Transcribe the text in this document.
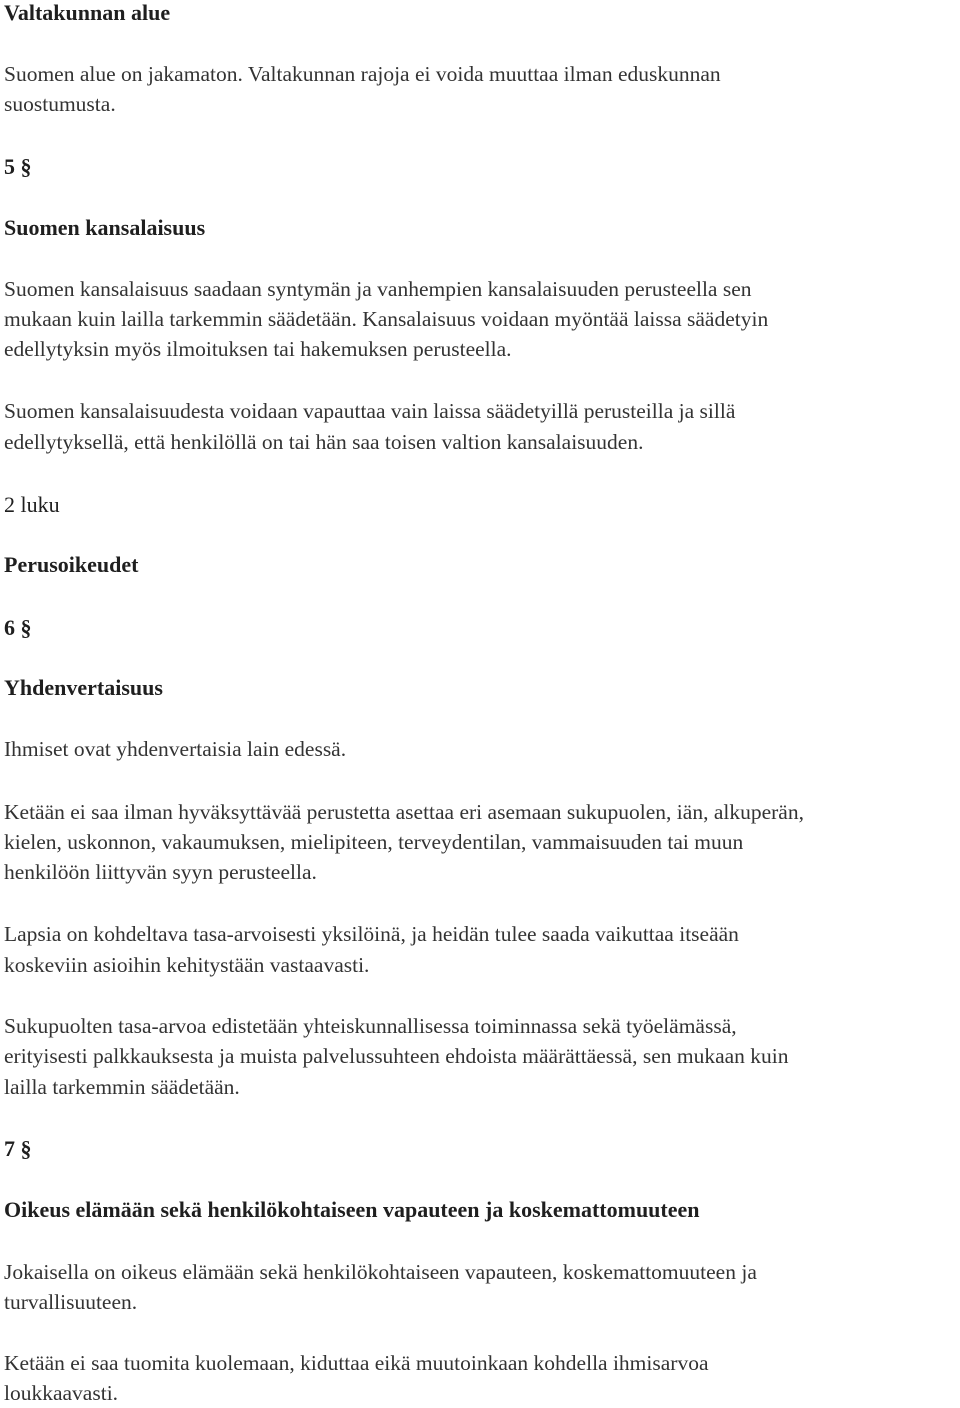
Valtakunnan alue
Suomen alue on jakamaton. Valtakunnan rajoja ei voida muuttaa ilman eduskunnan
suostumusta.
5 §
Suomen kansalaisuus
Suomen kansalaisuus saadaan syntymän ja vanhempien kansalaisuuden perusteella sen
mukaan kuin lailla tarkemmin säädetään. Kansalaisuus voidaan myöntää laissa säädetyin
edellytyksin myös ilmoituksen tai hakemuksen perusteella.
Suomen kansalaisuudesta voidaan vapauttaa vain laissa säädetyillä perusteilla ja sillä
edellytyksellä, että henkilöllä on tai hän saa toisen valtion kansalaisuuden.
2 luku
Perusoikeudet
6 §
Yhdenvertaisuus
Ihmiset ovat yhdenvertaisia lain edessä.
Ketään ei saa ilman hyväksyttävää perustetta asettaa eri asemaan sukupuolen, iän, alkuperän,
kielen, uskonnon, vakaumuksen, mielipiteen, terveydentilan, vammaisuuden tai muun
henkilöön liittyvän syyn perusteella.
Lapsia on kohdeltava tasa-arvoisesti yksilöinä, ja heidän tulee saada vaikuttaa itseään
koskeviin asioihin kehitystään vastaavasti.
Sukupuolten tasa-arvoa edistetään yhteiskunnallisessa toiminnassa sekä työelämässä,
erityisesti palkkauksesta ja muista palvelussuhteen ehdoista määrättäessä, sen mukaan kuin
lailla tarkemmin säädetään.
7 §
Oikeus elämään sekä henkilökohtaiseen vapauteen ja koskemattomuuteen
Jokaisella on oikeus elämään sekä henkilökohtaiseen vapauteen, koskemattomuuteen ja
turvallisuuteen.
Ketään ei saa tuomita kuolemaan, kiduttaa eikä muutoinkaan kohdella ihmisarvoa
loukkaavasti.
